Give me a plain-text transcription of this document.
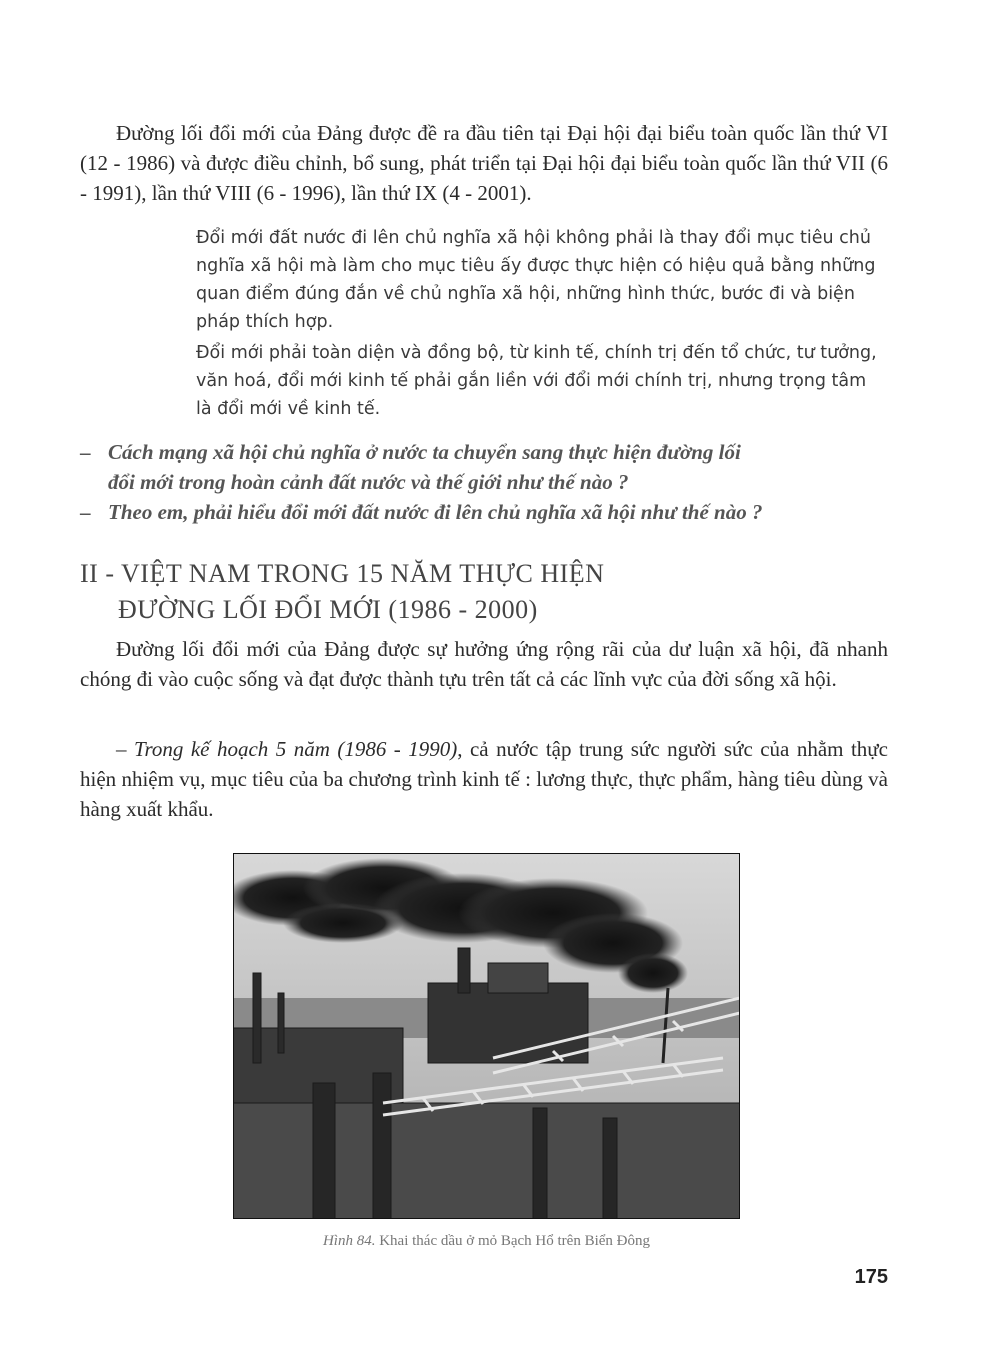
Đường lối đổi mới của Đảng được đề ra đầu tiên tại Đại hội đại biểu toàn quốc lần thứ VI (12 - 1986) và được điều chỉnh, bổ sung, phát triển tại Đại hội đại biểu toàn quốc lần thứ VII (6 - 1991), lần thứ VIII (6 - 1996), lần thứ IX (4 - 2001).

Đổi mới đất nước đi lên chủ nghĩa xã hội không phải là thay đổi mục tiêu chủ nghĩa xã hội mà làm cho mục tiêu ấy được thực hiện có hiệu quả bằng những quan điểm đúng đắn về chủ nghĩa xã hội, những hình thức, bước đi và biện pháp thích hợp.

Đổi mới phải toàn diện và đồng bộ, từ kinh tế, chính trị đến tổ chức, tư tưởng, văn hoá, đổi mới kinh tế phải gắn liền với đổi mới chính trị, nhưng trọng tâm là đổi mới về kinh tế.

– Cách mạng xã hội chủ nghĩa ở nước ta chuyển sang thực hiện đường lối
đổi mới trong hoàn cảnh đất nước và thế giới như thế nào ?
– Theo em, phải hiểu đổi mới đất nước đi lên chủ nghĩa xã hội như thế nào ?
II - VIỆT NAM TRONG 15 NĂM THỰC HIỆN
ĐƯỜNG LỐI ĐỔI MỚI (1986 - 2000)

Đường lối đổi mới của Đảng được sự hưởng ứng rộng rãi của dư luận xã hội, đã nhanh chóng đi vào cuộc sống và đạt được thành tựu trên tất cả các lĩnh vực của đời sống xã hội.

– Trong kế hoạch 5 năm (1986 - 1990), cả nước tập trung sức người sức của nhằm thực hiện nhiệm vụ, mục tiêu của ba chương trình kinh tế : lương thực, thực phẩm, hàng tiêu dùng và hàng xuất khẩu.

Hình 84. Khai thác dầu ở mỏ Bạch Hổ trên Biển Đông
175
